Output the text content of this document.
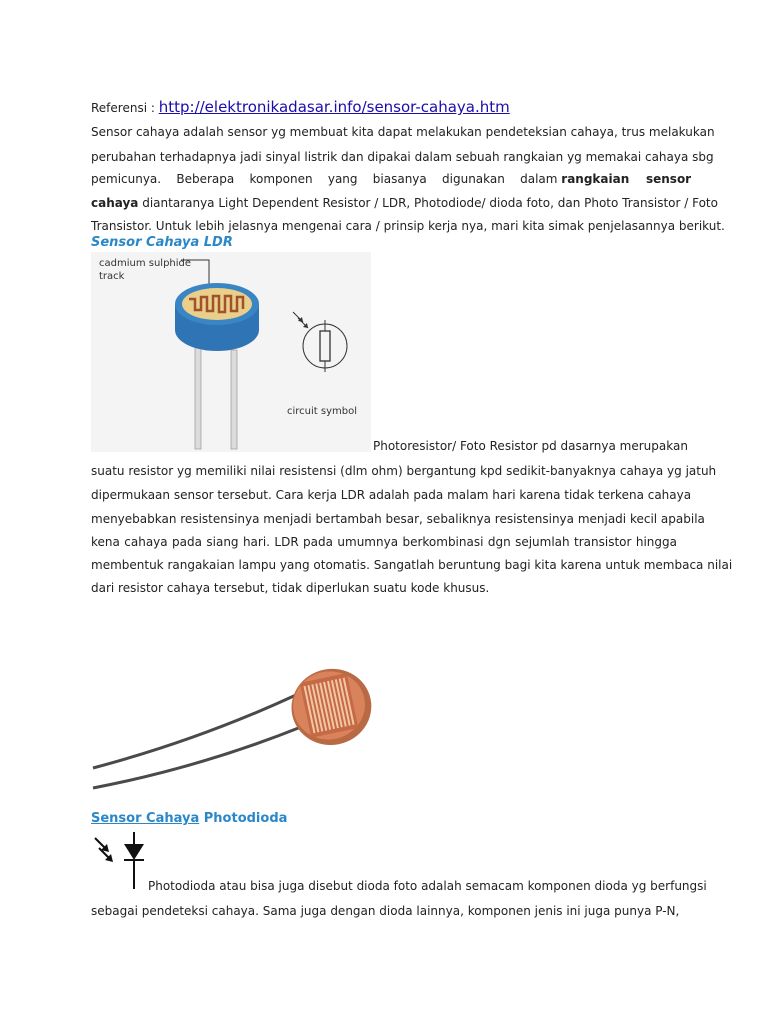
Referensi : http://elektronikadasar.info/sensor-cahaya.htm
Sensor cahaya adalah sensor yg membuat kita dapat melakukan pendeteksian cahaya, trus melakukan
perubahan terhadapnya jadi sinyal listrik dan dipakai dalam sebuah rangkaian yg memakai cahaya sbg
pemicunya.    Beberapa    komponen    yang    biasanya    digunakan    dalam rangkaian    sensor
cahaya diantaranya Light Dependent Resistor / LDR, Photodiode/ dioda foto, dan Photo Transistor / Foto
Transistor. Untuk lebih jelasnya mengenai cara / prinsip kerja nya, mari kita simak penjelasannya berikut.
Sensor Cahaya LDR
cadmium sulphide
track
circuit symbol
Photoresistor/ Foto Resistor pd dasarnya merupakan
suatu resistor yg memiliki nilai resistensi (dlm ohm) bergantung kpd sedikit-banyaknya cahaya yg jatuh
dipermukaan sensor tersebut. Cara kerja LDR adalah pada malam hari karena tidak terkena cahaya
menyebabkan resistensinya menjadi bertambah besar, sebaliknya resistensinya menjadi kecil apabila
kena cahaya pada siang hari. LDR pada umumnya berkombinasi dgn sejumlah transistor hingga
membentuk rangakaian lampu yang otomatis. Sangatlah beruntung bagi kita karena untuk membaca nilai
dari resistor cahaya tersebut, tidak diperlukan suatu kode khusus.
Sensor Cahaya Photodioda
Photodioda atau bisa juga disebut dioda foto adalah semacam komponen dioda yg berfungsi
sebagai pendeteksi cahaya. Sama juga dengan dioda lainnya, komponen jenis ini juga punya P-N,
